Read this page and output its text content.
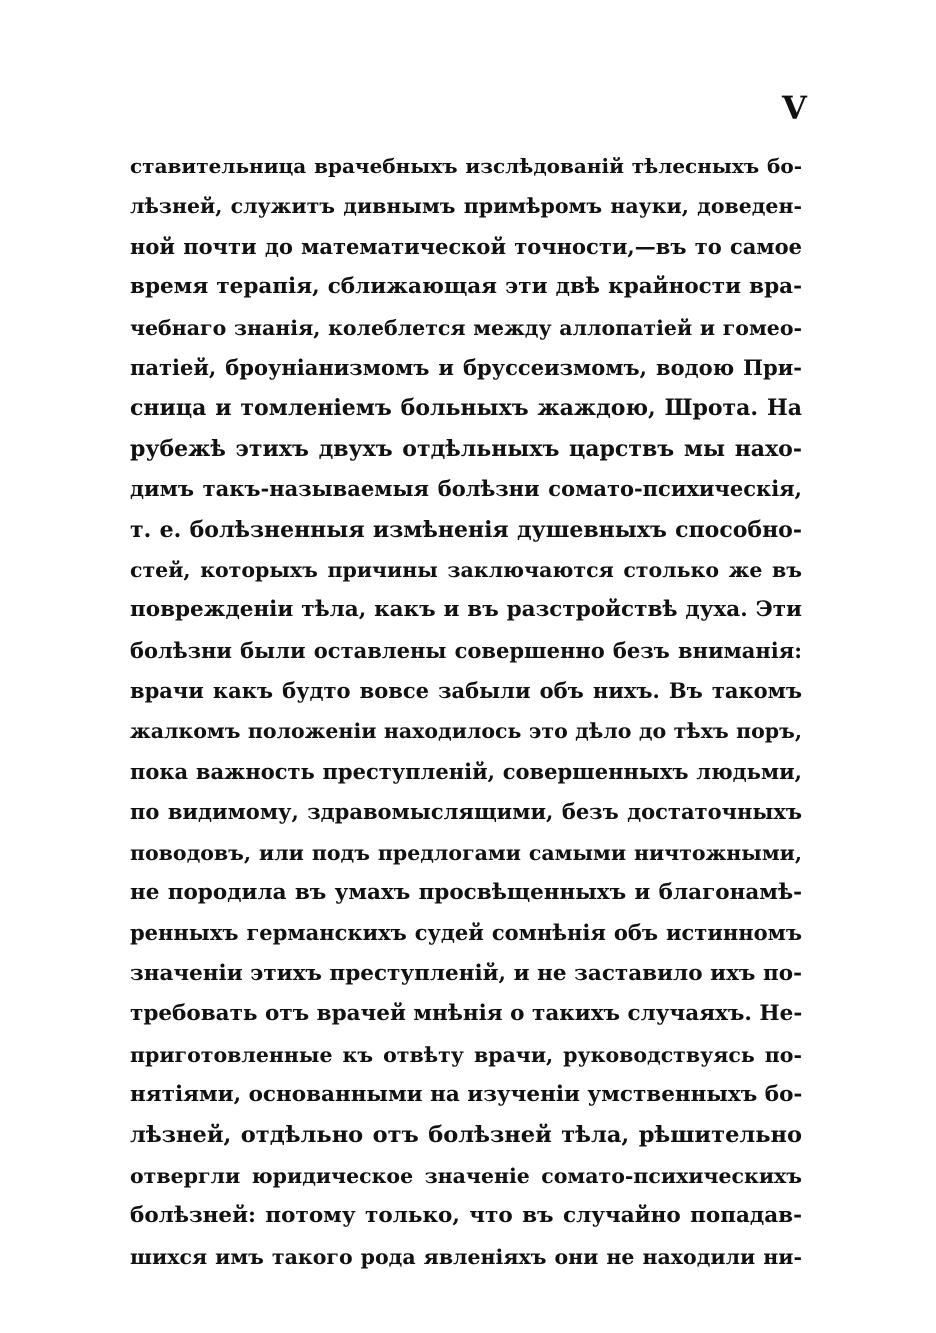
V
ставительница врачебныхъ изслѣдованій тѣлесныхъ бо-
лѣзней, служитъ дивнымъ примѣромъ науки, доведен-
ной почти до математической точности,—въ то самое
время терапія, сближающая эти двѣ крайности вра-
чебнаго знанія, колеблется между аллопатіей и гомео-
патіей, броуніанизмомъ и бруссеизмомъ, водою При-
сница и томленіемъ больныхъ жаждою, Шрота. На
рубежѣ этихъ двухъ отдѣльныхъ царствъ мы нахо-
димъ такъ-называемыя болѣзни сомато-психическія,
т. е. болѣзненныя измѣненія душевныхъ способно-
стей, которыхъ причины заключаются столько же въ
поврежденіи тѣла, какъ и въ разстройствѣ духа. Эти
болѣзни были оставлены совершенно безъ вниманія:
врачи какъ будто вовсе забыли объ нихъ. Въ такомъ
жалкомъ положеніи находилось это дѣло до тѣхъ поръ,
пока важность преступленій, совершенныхъ людьми,
по видимому, здравомыслящими, безъ достаточныхъ
поводовъ, или подъ предлогами самыми ничтожными,
не породила въ умахъ просвѣщенныхъ и благонамѣ-
ренныхъ германскихъ судей сомнѣнія объ истинномъ
значеніи этихъ преступленій, и не заставило ихъ по-
требовать отъ врачей мнѣнія о такихъ случаяхъ. Не-
приготовленные къ отвѣту врачи, руководствуясь по-
нятіями, основанными на изученіи умственныхъ бо-
лѣзней, отдѣльно отъ болѣзней тѣла, рѣшительно
отвергли юридическое значеніе сомато-психическихъ
болѣзней: потому только, что въ случайно попадав-
шихся имъ такого рода явленіяхъ они не находили ни-
